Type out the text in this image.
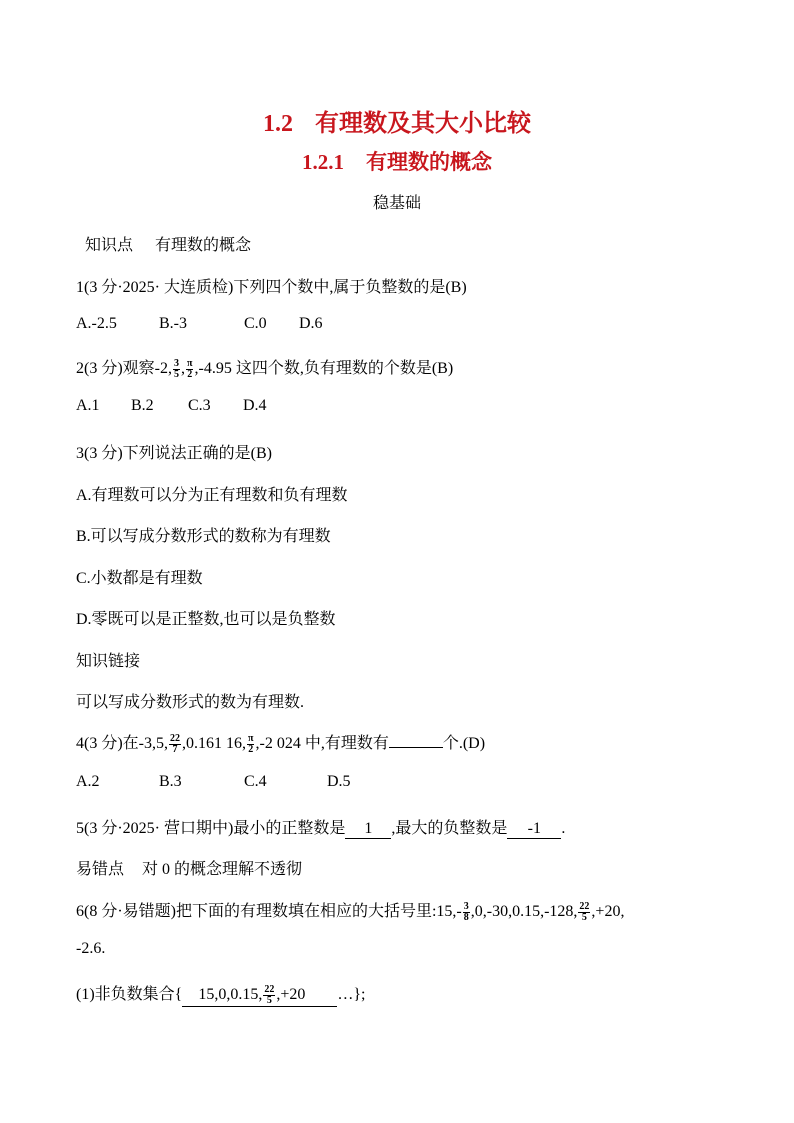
1.2 有理数及其大小比较
1.2.1 有理数的概念
稳基础
知识点 有理数的概念
1(3 分·2025· 大连质检)下列四个数中,属于负整数的是(B)
A.-2.5	B.-3	C.0 D.6
2(3 分)观察-2, $\frac{3}{5}$ , $\frac{\pi}{2} ,-4.95$ 这四个数,负有理数的个数是(B)
A.1 B.2 C.3 D.4
3(3 分)下列说法正确的是(B)
A.有理数可以分为正有理数和负有理数
B.可以写成分数形式的数称为有理数
C.小数都是有理数
D.零既可以是正整数,也可以是负整数
知识链接
可以写成分数形式的数为有理数.
4(3 分)在-3,5, $\frac{22}{7} ,0.161$ 16, $\frac{\pi}{2} ,-2$ 024 中,有理数有	个.(D)
A.2	B.3	C.4	D.5
5(3 分·2025· 营口期中)最小的正整数是 1 ,最大的负整数是 -1 .
易错点 对 0 的概念理解不透彻
6(8 分·易错题)把下面的有理数填在相应的大括号里:15,- $\frac{3}{8} ,0,-30,0.15,-128$, $\frac{22}{5} ,+20$,
-2.6.
(1)非负数集合{ 15,0,0.15, $\frac{22}{5} ,+20$ …};
